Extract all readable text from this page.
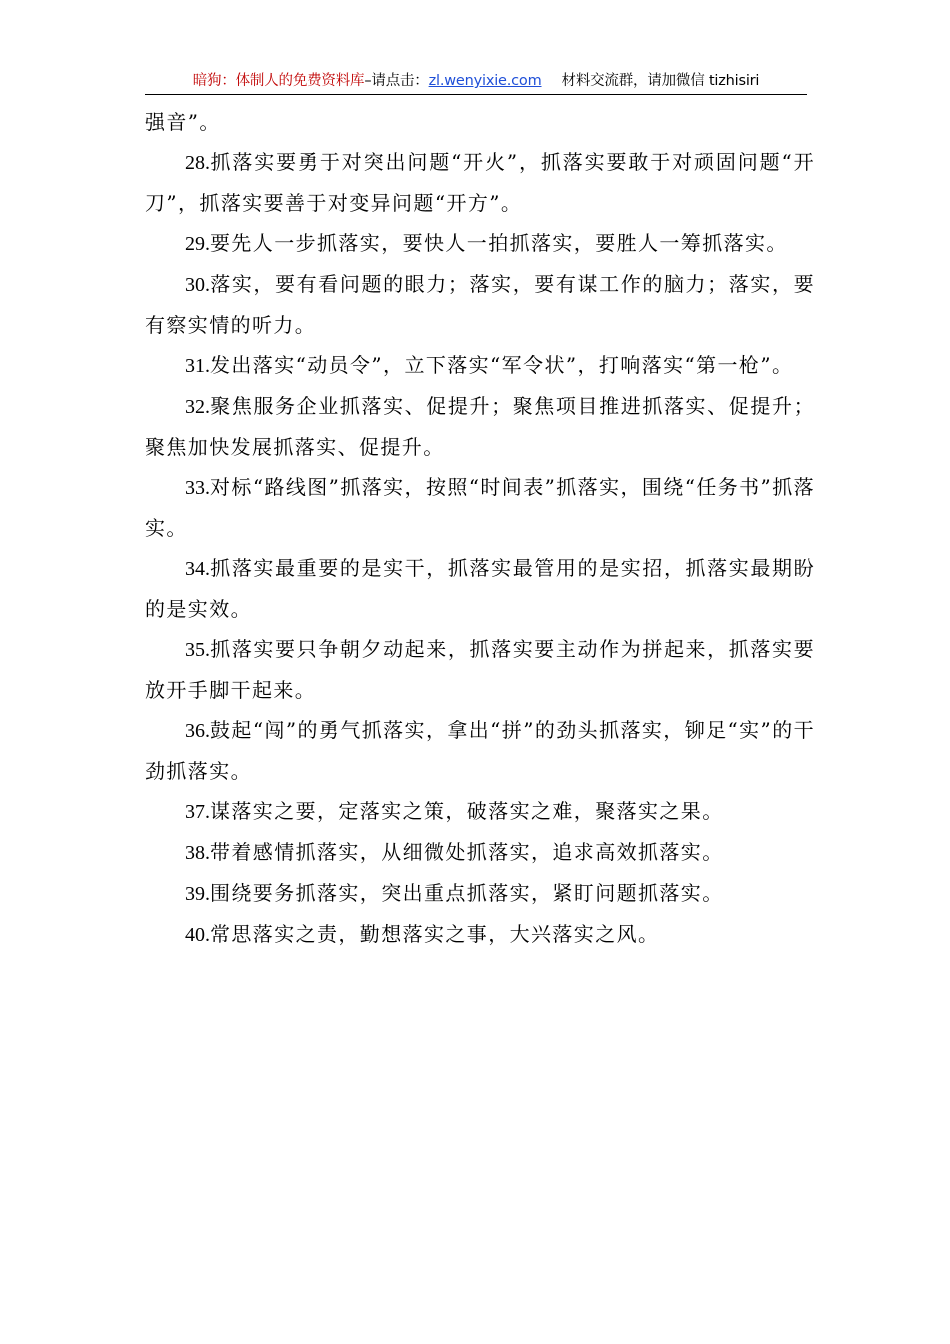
暗狗：体制人的免费资料库–请点击：zl.wenyixie.com 材料交流群，请加微信 tizhisiri

强音”。

28.抓落实要勇于对突出问题“开火”，抓落实要敢于对顽固问题“开刀”，抓落实要善于对变异问题“开方”。

29.要先人一步抓落实，要快人一拍抓落实，要胜人一筹抓落实。

30.落实，要有看问题的眼力；落实，要有谋工作的脑力；落实，要有察实情的听力。

31.发出落实“动员令”，立下落实“军令状”，打响落实“第一枪”。

32.聚焦服务企业抓落实、促提升；聚焦项目推进抓落实、促提升；聚焦加快发展抓落实、促提升。

33.对标“路线图”抓落实，按照“时间表”抓落实，围绕“任务书”抓落实。

34.抓落实最重要的是实干，抓落实最管用的是实招，抓落实最期盼的是实效。

35.抓落实要只争朝夕动起来，抓落实要主动作为拼起来，抓落实要放开手脚干起来。

36.鼓起“闯”的勇气抓落实，拿出“拼”的劲头抓落实，铆足“实”的干劲抓落实。

37.谋落实之要，定落实之策，破落实之难，聚落实之果。

38.带着感情抓落实，从细微处抓落实，追求高效抓落实。

39.围绕要务抓落实，突出重点抓落实，紧盯问题抓落实。

40.常思落实之责，勤想落实之事，大兴落实之风。
